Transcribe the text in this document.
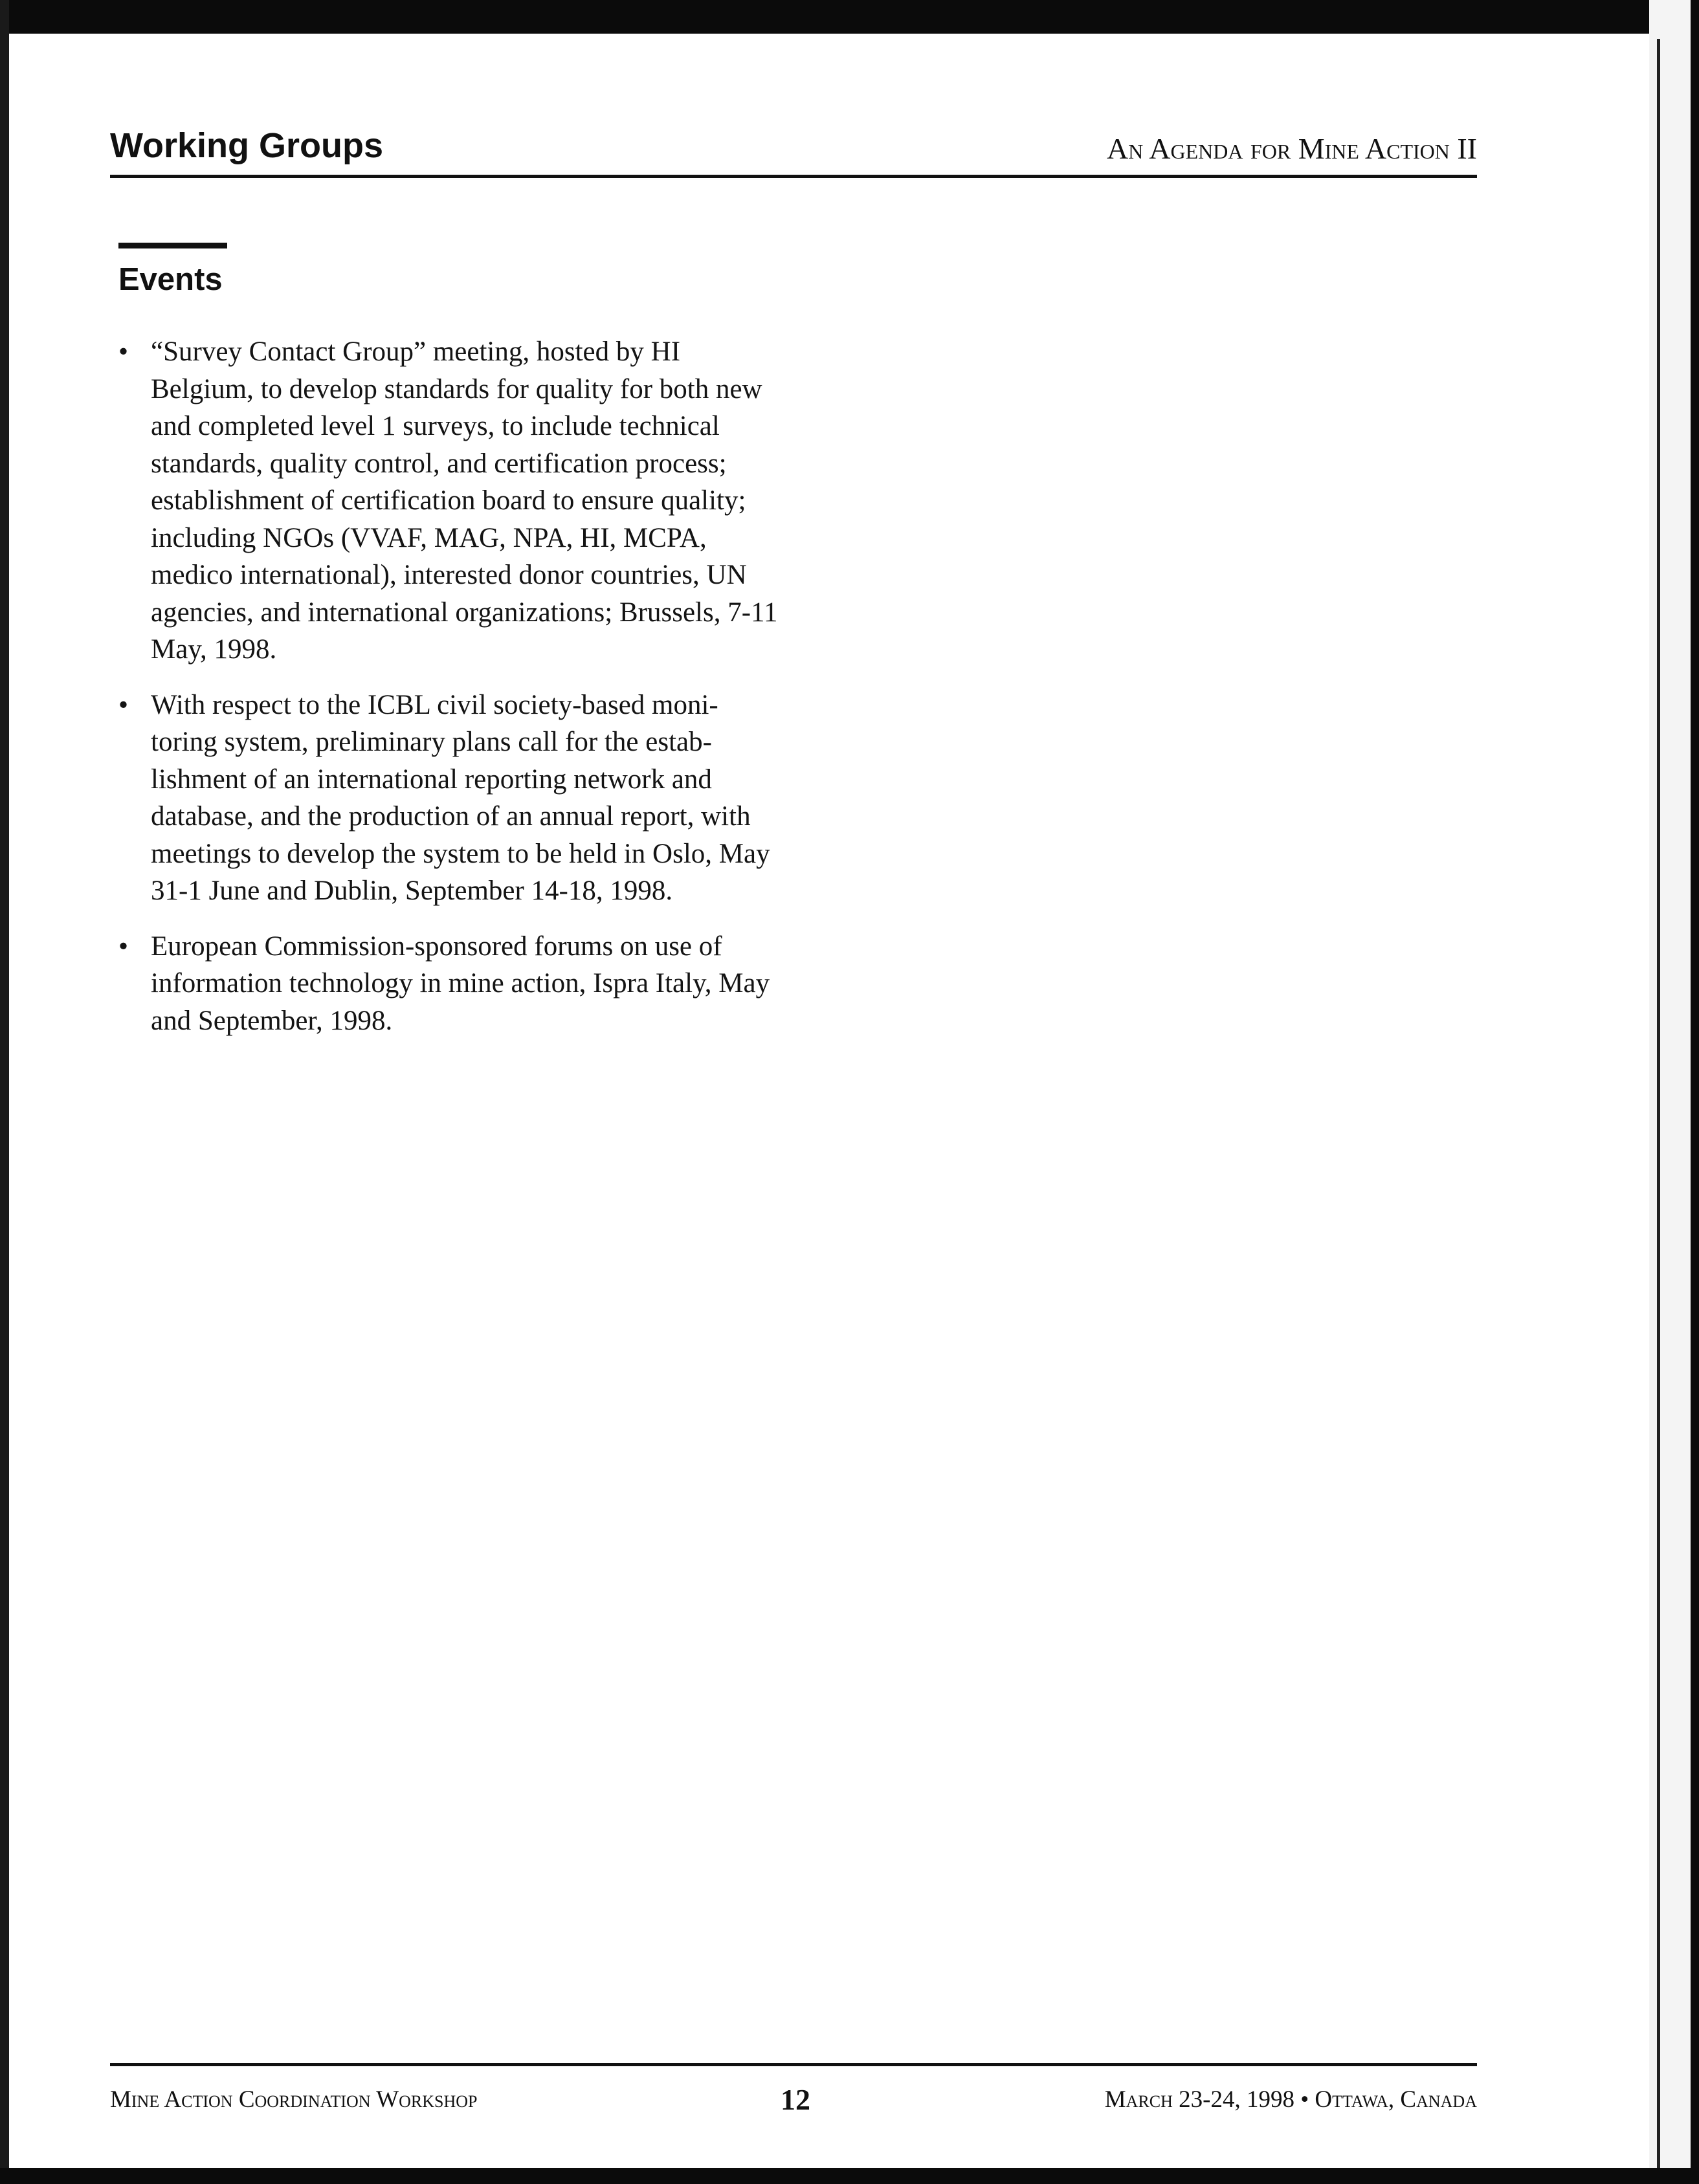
Working Groups	An Agenda for Mine Action II
Events
• “Survey Contact Group” meeting, hosted by HI Belgium, to develop standards for quality for both new and completed level 1 surveys, to include technical standards, quality control, and certification process; establishment of certification board to ensure quality; including NGOs (VVAF, MAG, NPA, HI, MCPA, medico international), interested donor countries, UN agencies, and international organizations; Brussels, 7-11 May, 1998.
• With respect to the ICBL civil society-based moni-toring system, preliminary plans call for the estab-lishment of an international reporting network and database, and the production of an annual report, with meetings to develop the system to be held in Oslo, May 31-1 June and Dublin, September 14-18, 1998.
• European Commission-sponsored forums on use of information technology in mine action, Ispra Italy, May and September, 1998.
Mine Action Coordination Workshop	12	March 23-24, 1998 • Ottawa, Canada
